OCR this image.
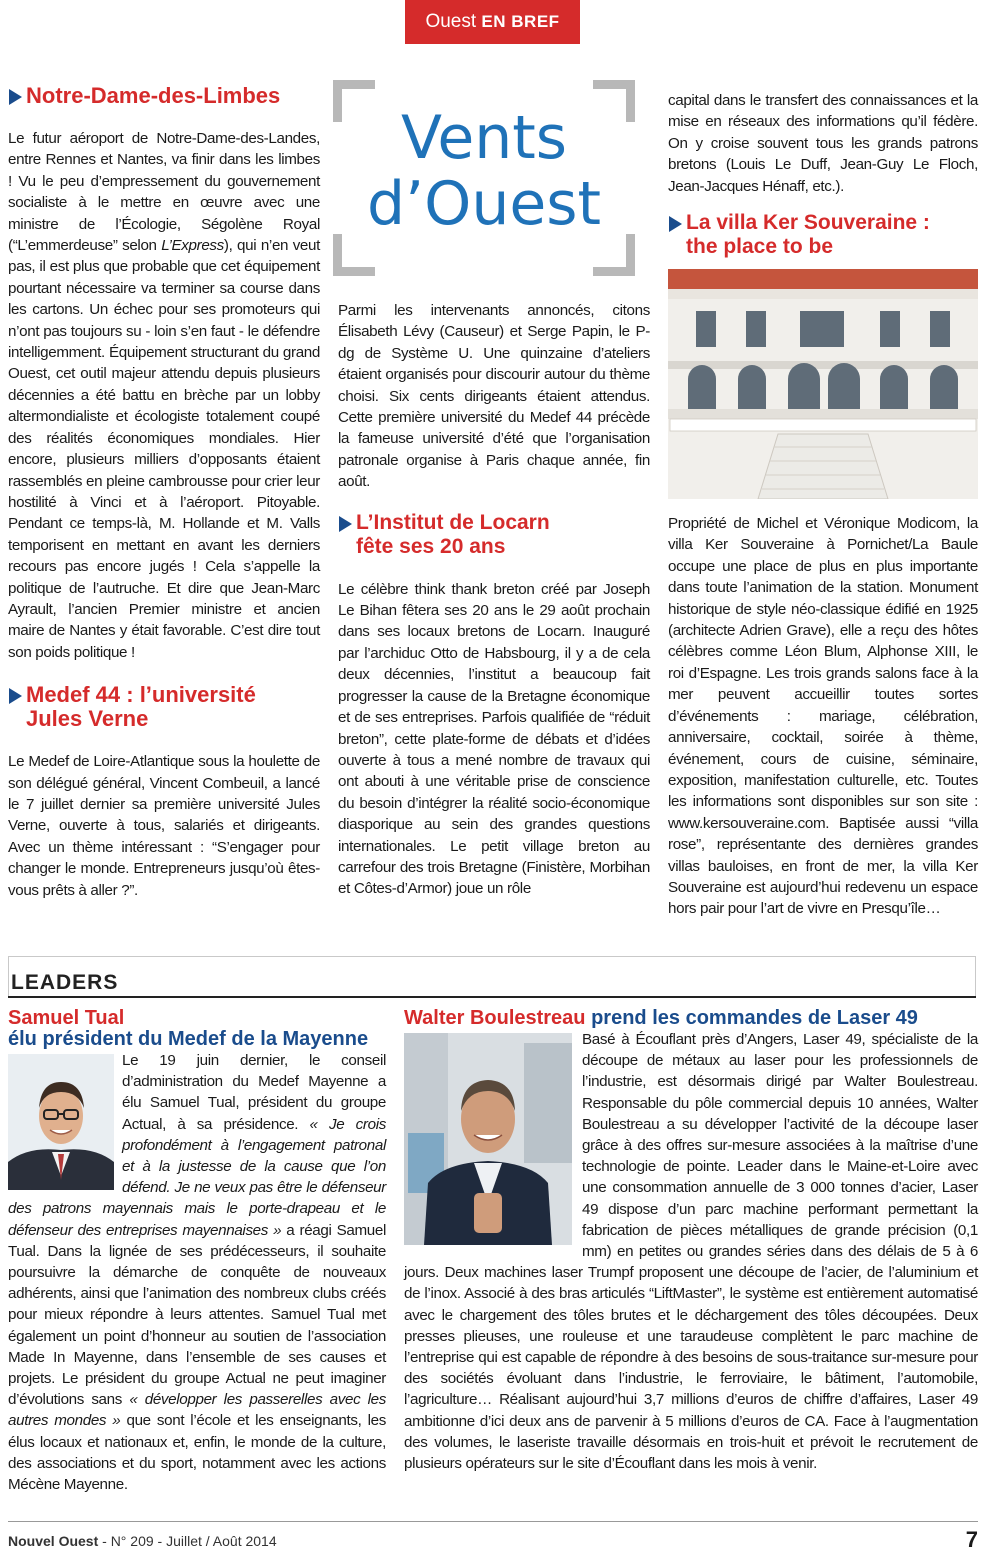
Ouest EN BREF
Vents
d’Ouest
Notre-Dame-des-Limbes

Le futur aéroport de Notre-Dame-des-Landes, entre Rennes et Nantes, va finir dans les limbes ! Vu le peu d’empressement du gouvernement socialiste à le mettre en œuvre avec une ministre de l’Écologie, Ségolène Royal (“L’emmerdeuse” selon L’Express), qui n’en veut pas, il est plus que probable que cet équipement pourtant nécessaire va terminer sa course dans les cartons. Un échec pour ses promoteurs qui n’ont pas toujours su - loin s’en faut - le défendre intelligemment. Équipement structurant du grand Ouest, cet outil majeur attendu depuis plusieurs décennies a été battu en brèche par un lobby altermondialiste et écologiste totalement coupé des réalités économiques mondiales. Hier encore, plusieurs milliers d’opposants étaient rassemblés en pleine cambrousse pour crier leur hostilité à Vinci et à l’aéroport. Pitoyable. Pendant ce temps-là, M. Hollande et M. Valls temporisent en mettant en avant les derniers recours pas encore jugés ! Cela s’appelle la politique de l’autruche. Et dire que Jean-Marc Ayrault, l’ancien Premier ministre et ancien maire de Nantes y était favorable. C’est dire tout son poids politique !

Medef 44 : l’université
Jules Verne

Le Medef de Loire-Atlantique sous la houlette de son délégué général, Vincent Combeuil, a lancé le 7 juillet dernier sa première université Jules Verne, ouverte à tous, salariés et dirigeants. Avec un thème intéressant : “S’engager pour changer le monde. Entrepreneurs jusqu’où êtes-vous prêts à aller ?”.

Parmi les intervenants annoncés, citons Élisabeth Lévy (Causeur) et Serge Papin, le P-dg de Système U. Une quinzaine d’ateliers étaient organisés pour discourir autour du thème choisi. Six cents dirigeants étaient attendus. Cette première université du Medef 44 précède la fameuse université d’été que l’organisation patronale organise à Paris chaque année, fin août.

L’Institut de Locarn
fête ses 20 ans

Le célèbre think thank breton créé par Joseph Le Bihan fêtera ses 20 ans le 29 août prochain dans ses locaux bretons de Locarn. Inauguré par l’archiduc Otto de Habsbourg, il y a de cela deux décennies, l’institut a beaucoup fait progresser la cause de la Bretagne économique et de ses entreprises. Parfois qualifiée de “réduit breton”, cette plate-forme de débats et d’idées ouverte à tous a mené nombre de travaux qui ont abouti à une véritable prise de conscience du besoin d’intégrer la réalité socio-économique diasporique au sein des grandes questions internationales. Le petit village breton au carrefour des trois Bretagne (Finistère, Morbihan et Côtes-d’Armor) joue un rôle

capital dans le transfert des connaissances et la mise en réseaux des informations qu’il fédère. On y croise souvent tous les grands patrons bretons (Louis Le Duff, Jean-Guy Le Floch, Jean-Jacques Hénaff, etc.).

La villa Ker Souveraine :
the place to be

Propriété de Michel et Véronique Modicom, la villa Ker Souveraine à Pornichet/La Baule occupe une place de plus en plus importante dans toute l’animation de la station. Monument historique de style néo-classique édifié en 1925 (architecte Adrien Grave), elle a reçu des hôtes célèbres comme Léon Blum, Alphonse XIII, le roi d’Espagne. Les trois grands salons face à la mer peuvent accueillir toutes sortes d’événements : mariage, célébration, anniversaire, cocktail, soirée à thème, événement, cours de cuisine, séminaire, exposition, manifestation culturelle, etc. Toutes les informations sont disponibles sur son site : www.kersouveraine.com. Baptisée aussi “villa rose”, représentante des dernières grandes villas bauloises, en front de mer, la villa Ker Souveraine est aujourd’hui redevenu un espace hors pair pour l’art de vivre en Presqu’île…

LEADERS
Samuel Tual
élu président du Medef de la Mayenne

Le 19 juin dernier, le conseil d’administration du Medef Mayenne a élu Samuel Tual, président du groupe Actual, à sa présidence. « Je crois profondément à l’engagement patronal et à la justesse de la cause que l’on défend. Je ne veux pas être le défenseur des patrons mayennais mais le porte-drapeau et le défenseur des entreprises mayennaises » a réagi Samuel Tual. Dans la lignée de ses prédécesseurs, il souhaite poursuivre la démarche de conquête de nouveaux adhérents, ainsi que l’animation des nombreux clubs créés pour mieux répondre à leurs attentes. Samuel Tual met également un point d’honneur au soutien de l’association Made In Mayenne, dans l’ensemble de ses causes et projets. Le président du groupe Actual ne peut imaginer d’évolutions sans « développer les passerelles avec les autres mondes » que sont l’école et les enseignants, les élus locaux et nationaux et, enfin, le monde de la culture, des associations et du sport, notamment avec les actions Mécène Mayenne.

Walter Boulestreau prend les commandes de Laser 49

Basé à Écouflant près d’Angers, Laser 49, spécialiste de la découpe de métaux au laser pour les professionnels de l’industrie, est désormais dirigé par Walter Boulestreau. Responsable du pôle commercial depuis 10 années, Walter Boulestreau a su développer l’activité de la découpe laser grâce à des offres sur-mesure associées à la maîtrise d’une technologie de pointe. Leader dans le Maine-et-Loire avec une consommation annuelle de 3 000 tonnes d’acier, Laser 49 dispose d’un parc machine performant permettant la fabrication de pièces métalliques de grande précision (0,1 mm) en petites ou grandes séries dans des délais de 5 à 6 jours. Deux machines laser Trumpf proposent une découpe de l’acier, de l’aluminium et de l’inox. Associé à des bras articulés “LiftMaster”, le système est entièrement automatisé avec le chargement des tôles brutes et le déchargement des tôles découpées. Deux presses plieuses, une rouleuse et une taraudeuse complètent le parc machine de l’entreprise qui est capable de répondre à des besoins de sous-traitance sur-mesure pour des sociétés évoluant dans l’industrie, le ferroviaire, le bâtiment, l’automobile, l’agriculture… Réalisant aujourd’hui 3,7 millions d’euros de chiffre d’affaires, Laser 49 ambitionne d’ici deux ans de parvenir à 5 millions d’euros de CA. Face à l’augmentation des volumes, le laseriste travaille désormais en trois-huit et prévoit le recrutement de plusieurs opérateurs sur le site d’Écouflant dans les mois à venir.

Nouvel Ouest - N° 209 - Juillet / Août 2014	7
